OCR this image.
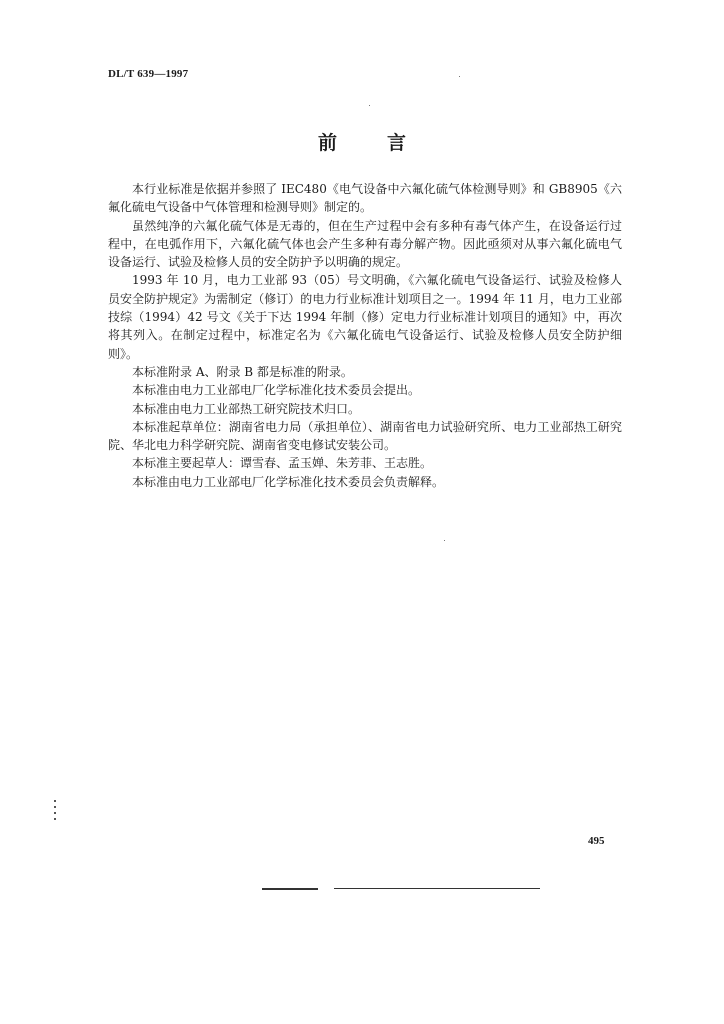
DL/T 639—1997
前言

本行业标准是依据并参照了 IEC480《电气设备中六氟化硫气体检测导则》和 GB8905《六氟化硫电气设备中气体管理和检测导则》制定的。

虽然纯净的六氟化硫气体是无毒的，但在生产过程中会有多种有毒气体产生，在设备运行过程中，在电弧作用下，六氟化硫气体也会产生多种有毒分解产物。因此亟须对从事六氟化硫电气设备运行、试验及检修人员的安全防护予以明确的规定。

1993 年 10 月，电力工业部 93（05）号文明确，《六氟化硫电气设备运行、试验及检修人员安全防护规定》为需制定（修订）的电力行业标准计划项目之一。1994 年 11 月，电力工业部技综（1994）42 号文《关于下达 1994 年制（修）定电力行业标准计划项目的通知》中，再次将其列入。在制定过程中，标准定名为《六氟化硫电气设备运行、试验及检修人员安全防护细则》。

本标准附录 A、附录 B 都是标准的附录。

本标准由电力工业部电厂化学标准化技术委员会提出。

本标准由电力工业部热工研究院技术归口。

本标准起草单位：湖南省电力局（承担单位）、湖南省电力试验研究所、电力工业部热工研究院、华北电力科学研究院、湖南省变电修试安装公司。

本标准主要起草人：谭雪春、孟玉婵、朱芳菲、王志胜。

本标准由电力工业部电厂化学标准化技术委员会负责解释。

495
